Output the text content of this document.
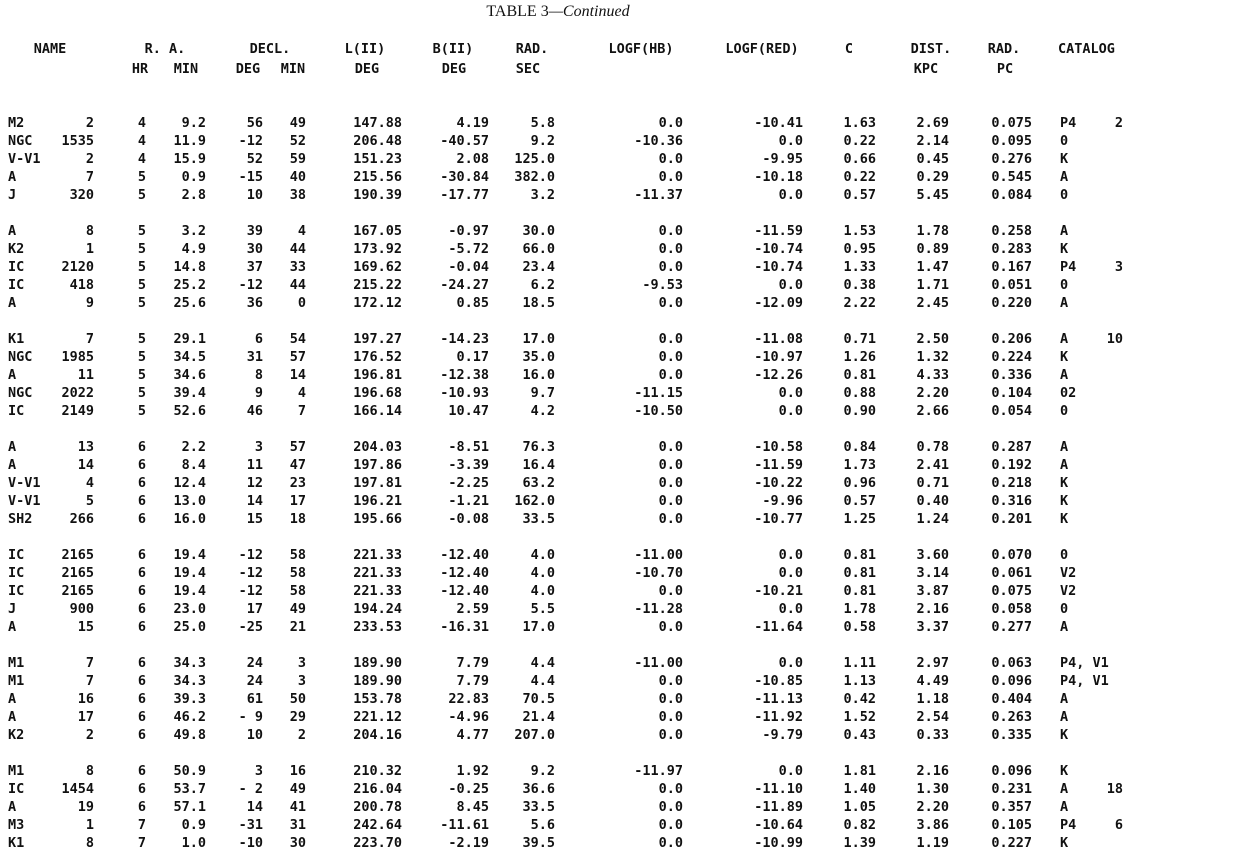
TABLE 3—Continued
NAME	R. A.	DECL.	L(II)	B(II)	RAD.	LOGF(HB)	LOGF(RED)	C	DIST.	RAD.	CATALOG
HR	MIN	DEG	MIN	DEG	DEG	SEC	KPC	PC
M2	2	4	9.2	56	49	147.88	4.19	5.8	0.0	-10.41	1.63	2.69	0.075 P4	2
NGC	1535	4	11.9	-12	52	206.48	-40.57	9.2	-10.36	0.0	0.22	2.14	0.095 0
V-V1	2	4	15.9	52	59	151.23	2.08	125.0	0.0	-9.95	0.66	0.45	0.276 K
A	7	5	0.9	-15	40	215.56	-30.84	382.0	0.0	-10.18	0.22	0.29	0.545 A
J	320	5	2.8	10	38	190.39	-17.77	3.2	-11.37	0.0	0.57	5.45	0.084 0
A	8	5	3.2	39	4	167.05	-0.97	30.0	0.0	-11.59	1.53	1.78	0.258 A
K2	1	5	4.9	30	44	173.92	-5.72	66.0	0.0	-10.74	0.95	0.89	0.283 K
IC	2120	5	14.8	37	33	169.62	-0.04	23.4	0.0	-10.74	1.33	1.47	0.167 P4	3
IC	418	5	25.2	-12	44	215.22	-24.27	6.2	-9.53	0.0	0.38	1.71	0.051 0
A	9	5	25.6	36	0	172.12	0.85	18.5	0.0	-12.09	2.22	2.45	0.220 A
K1	7	5	29.1	6	54	197.27	-14.23	17.0	0.0	-11.08	0.71	2.50	0.206 A	10
NGC	1985	5	34.5	31	57	176.52	0.17	35.0	0.0	-10.97	1.26	1.32	0.224 K
A	11	5	34.6	8	14	196.81	-12.38	16.0	0.0	-12.26	0.81	4.33	0.336 A
NGC	2022	5	39.4	9	4	196.68	-10.93	9.7	-11.15	0.0	0.88	2.20	0.104 02
IC	2149	5	52.6	46	7	166.14	10.47	4.2	-10.50	0.0	0.90	2.66	0.054 0
A	13	6	2.2	3	57	204.03	-8.51	76.3	0.0	-10.58	0.84	0.78	0.287 A
A	14	6	8.4	11	47	197.86	-3.39	16.4	0.0	-11.59	1.73	2.41	0.192 A
V-V1	4	6	12.4	12	23	197.81	-2.25	63.2	0.0	-10.22	0.96	0.71	0.218 K
V-V1	5	6	13.0	14	17	196.21	-1.21	162.0	0.0	-9.96	0.57	0.40	0.316 K
SH2	266	6	16.0	15	18	195.66	-0.08	33.5	0.0	-10.77	1.25	1.24	0.201 K
IC	2165	6	19.4	-12	58	221.33	-12.40	4.0	-11.00	0.0	0.81	3.60	0.070 0
IC	2165	6	19.4	-12	58	221.33	-12.40	4.0	-10.70	0.0	0.81	3.14	0.061 V2
IC	2165	6	19.4	-12	58	221.33	-12.40	4.0	0.0	-10.21	0.81	3.87	0.075 V2
J	900	6	23.0	17	49	194.24	2.59	5.5	-11.28	0.0	1.78	2.16	0.058 0
A	15	6	25.0	-25	21	233.53	-16.31	17.0	0.0	-11.64	0.58	3.37	0.277 A
M1	7	6	34.3	24	3	189.90	7.79	4.4	-11.00	0.0	1.11	2.97	0.063 P4, V1
M1	7	6	34.3	24	3	189.90	7.79	4.4	0.0	-10.85	1.13	4.49	0.096 P4, V1
A	16	6	39.3	61	50	153.78	22.83	70.5	0.0	-11.13	0.42	1.18	0.404 A
A	17	6	46.2	- 9	29	221.12	-4.96	21.4	0.0	-11.92	1.52	2.54	0.263 A
K2	2	6	49.8	10	2	204.16	4.77	207.0	0.0	-9.79	0.43	0.33	0.335 K
M1	8	6	50.9	3	16	210.32	1.92	9.2	-11.97	0.0	1.81	2.16	0.096 K
IC	1454	6	53.7	- 2	49	216.04	-0.25	36.6	0.0	-11.10	1.40	1.30	0.231 A	18
A	19	6	57.1	14	41	200.78	8.45	33.5	0.0	-11.89	1.05	2.20	0.357 A
M3	1	7	0.9	-31	31	242.64	-11.61	5.6	0.0	-10.64	0.82	3.86	0.105 P4	6
K1	8	7	1.0	-10	30	223.70	-2.19	39.5	0.0	-10.99	1.39	1.19	0.227 K
